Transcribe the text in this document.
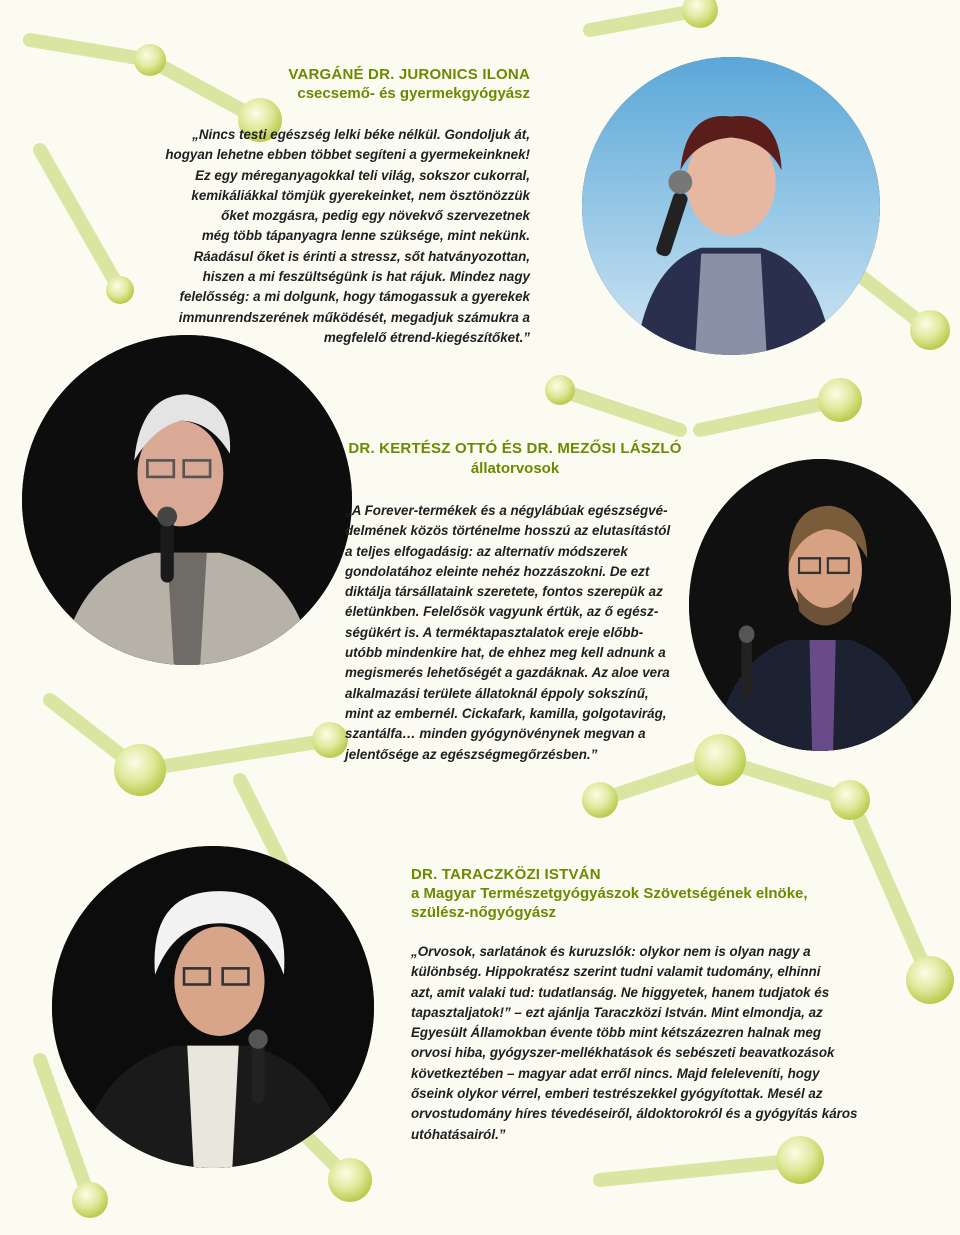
VARGÁNÉ DR. JURONICS ILONA
csecsemő- és gyermekgyógyász

„Nincs testi egészség lelki béke nélkül. Gondoljuk át,

hogyan lehetne ebben többet segíteni a gyermekeinknek!

Ez egy méreganyagokkal teli világ, sokszor cukorral,

kemikáliákkal tömjük gyerekeinket, nem ösztönözzük

őket mozgásra, pedig egy növekvő szervezetnek

még több tápanyagra lenne szüksége, mint nekünk.

Ráadásul őket is érinti a stressz, sőt hatványozottan,

hiszen a mi feszültségünk is hat rájuk. Mindez nagy

felelősség: a mi dolgunk, hogy támogassuk a gyerekek

immunrendszerének működését, megadjuk számukra a

megfelelő étrend-kiegészítőket.”

DR. KERTÉSZ OTTÓ ÉS DR. MEZŐSI LÁSZLÓ
állatorvosok

„A Forever-termékek és a négylábúak egészségvé-

delmének közös történelme hosszú az elutasítástól

a teljes elfogadásig: az alternatív módszerek

gondolatához eleinte nehéz hozzászokni. De ezt

diktálja társállataink szeretete, fontos szerepük az

életünkben. Felelősök vagyunk értük, az ő egész-

ségükért is. A terméktapasztalatok ereje előbb-

utóbb mindenkire hat, de ehhez meg kell adnunk a

megismerés lehetőségét a gazdáknak. Az aloe vera

alkalmazási területe állatoknál éppoly sokszínű,

mint az embernél. Cickafark, kamilla, golgotavirág,

szantálfa… minden gyógynövénynek megvan a

jelentősége az egészségmegőrzésben.”

DR. TARACZKÖZI ISTVÁN
a Magyar Természetgyógyászok Szövetségének elnöke,
szülész-nőgyógyász

„Orvosok, sarlatánok és kuruzslók: olykor nem is olyan nagy a

különbség. Hippokratész szerint tudni valamit tudomány, elhinni

azt, amit valaki tud: tudatlanság. Ne higgyetek, hanem tudjatok és

tapasztaljatok!” – ezt ajánlja Taraczközi István. Mint elmondja, az

Egyesült Államokban évente több mint kétszázezren halnak meg

orvosi hiba, gyógyszer-mellékhatások és sebészeti beavatkozások

következtében – magyar adat erről nincs. Majd feleleveníti, hogy

őseink olykor vérrel, emberi testrészekkel gyógyítottak. Mesél az

orvostudomány híres tévedéseiről, áldoktorokról és a gyógyítás káros

utóhatásairól.”
